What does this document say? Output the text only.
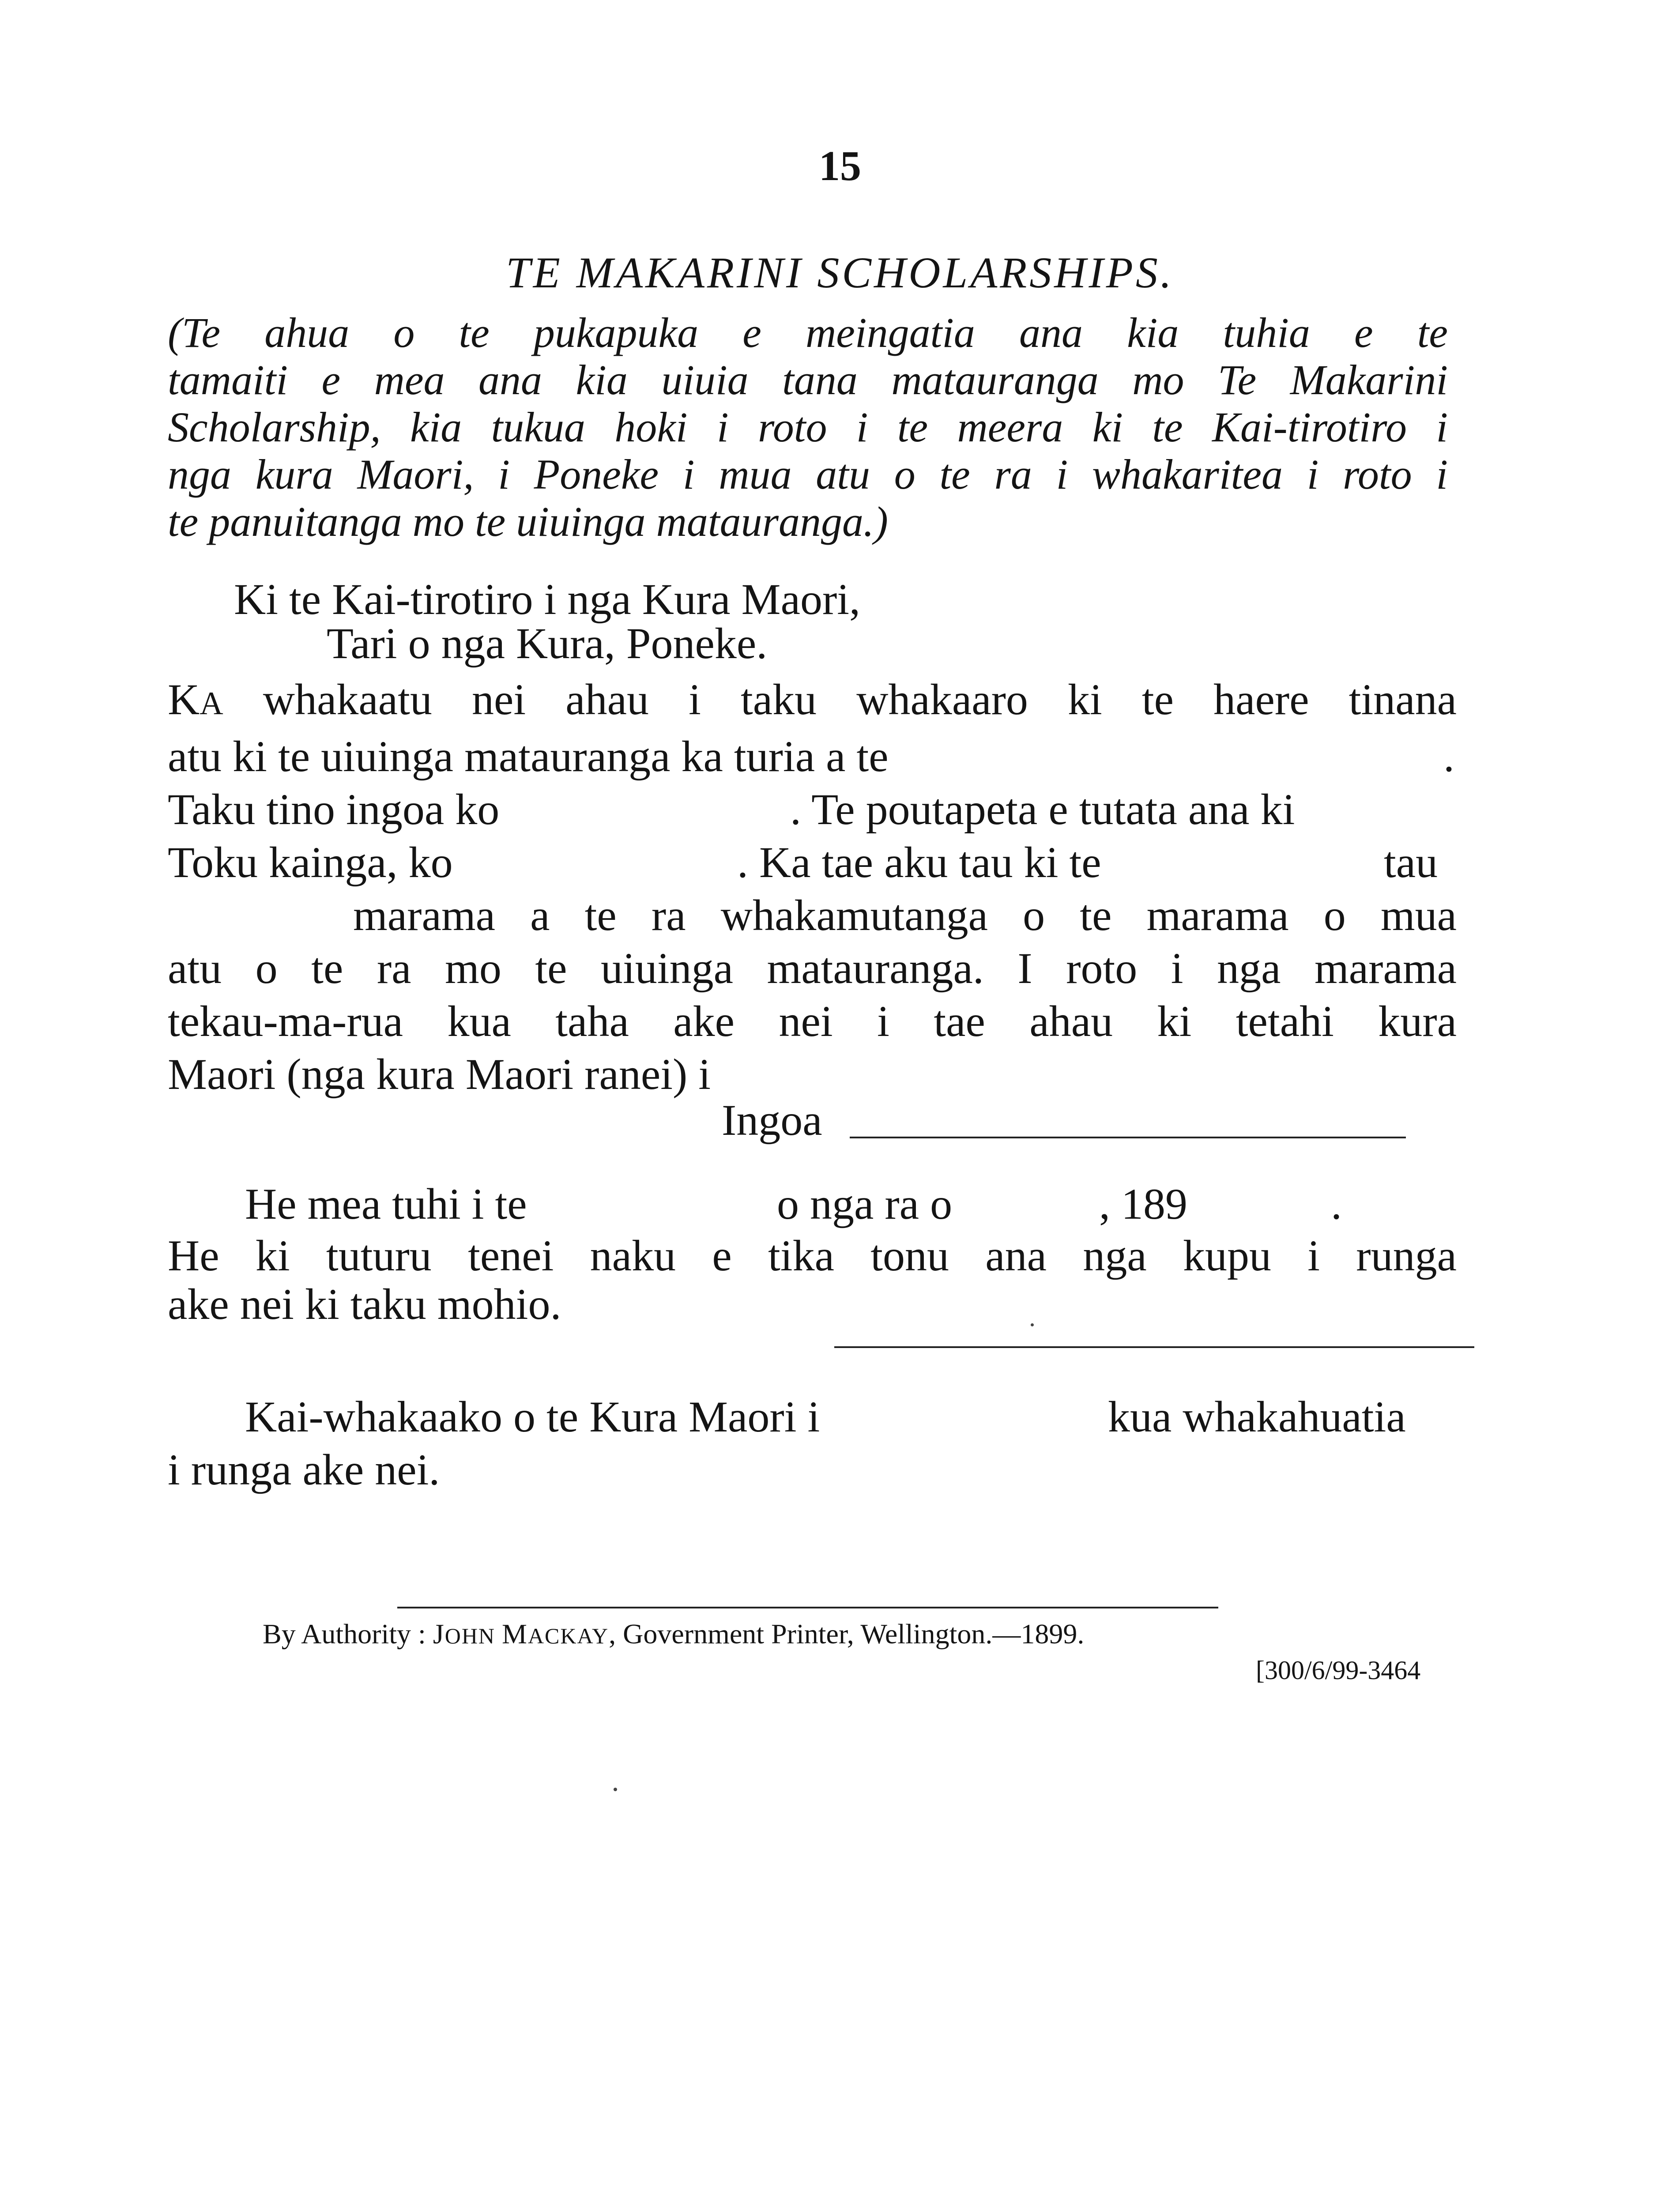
15
TE MAKARINI SCHOLARSHIPS.
(Te ahua o te pukapuka e meingatia ana kia tuhia e te
tamaiti e mea ana kia uiuia tana matauranga mo Te Makarini
Scholarship, kia tukua hoki i roto i te meera ki te Kai-tirotiro i
nga kura Maori, i Poneke i mua atu o te ra i whakaritea i roto i
te panuitanga mo te uiuinga matauranga.)
Ki te Kai-tirotiro i nga Kura Maori,
Tari o nga Kura, Poneke.
KA whakaatu nei ahau i taku whakaaro ki te haere tinana
atu ki te uiuinga matauranga ka turia a te	.
Taku tino ingoa ko	. Te poutapeta e tutata ana ki
Toku kainga, ko	. Ka tae aku tau ki te	tau
marama a te ra whakamutanga o te marama o mua
atu o te ra mo te uiuinga matauranga. I roto i nga marama
tekau-ma-rua kua taha ake nei i tae ahau ki tetahi kura
Maori (nga kura Maori ranei) i
Ingoa
He mea tuhi i te	o nga ra o	, 189	.
He ki tuturu tenei naku e tika tonu ana nga kupu i runga
ake nei ki taku mohio.
Kai-whakaako o te Kura Maori i	kua whakahuatia
i runga ake nei.
By Authority : JOHN MACKAY, Government Printer, Wellington.—1899.
[300/6/99-3464
